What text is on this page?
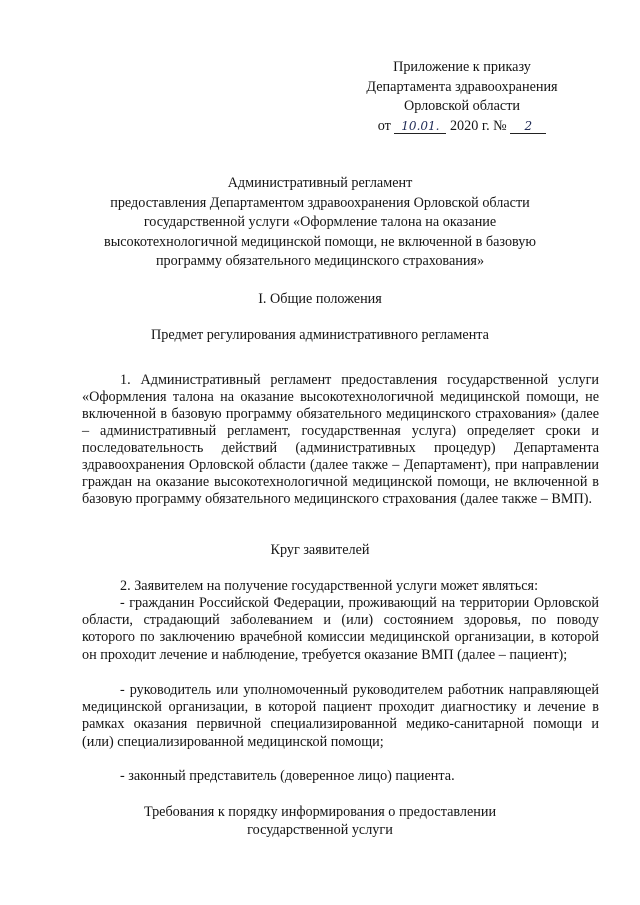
Приложение к приказу
Департамента здравоохранения
Орловской области
от 10.01. 2020 г. № 2
Административный регламент
предоставления Департаментом здравоохранения Орловской области
государственной услуги «Оформление талона на оказание
высокотехнологичной медицинской помощи, не включенной в базовую
программу обязательного медицинского страхования»
I. Общие положения
Предмет регулирования административного регламента
1. Административный регламент предоставления государственной услуги «Оформления талона на оказание высокотехнологичной медицинской помощи, не включенной в базовую программу обязательного медицинского страхования» (далее – административный регламент, государственная услуга) определяет сроки и последовательность действий (административных процедур) Департамента здравоохранения Орловской области (далее также – Департамент), при направлении граждан на оказание высокотехнологичной медицинской помощи, не включенной в базовую программу обязательного медицинского страхования (далее также – ВМП).
Круг заявителей
2. Заявителем на получение государственной услуги может являться:
- гражданин Российской Федерации, проживающий на территории Орловской области, страдающий заболеванием и (или) состоянием здоровья, по поводу которого по заключению врачебной комиссии медицинской организации, в которой он проходит лечение и наблюдение, требуется оказание ВМП (далее – пациент);
- руководитель или уполномоченный руководителем работник направляющей медицинской организации, в которой пациент проходит диагностику и лечение в рамках оказания первичной специализированной медико-санитарной помощи и (или) специализированной медицинской помощи;
- законный представитель (доверенное лицо) пациента.
Требования к порядку информирования о предоставлении
государственной услуги
